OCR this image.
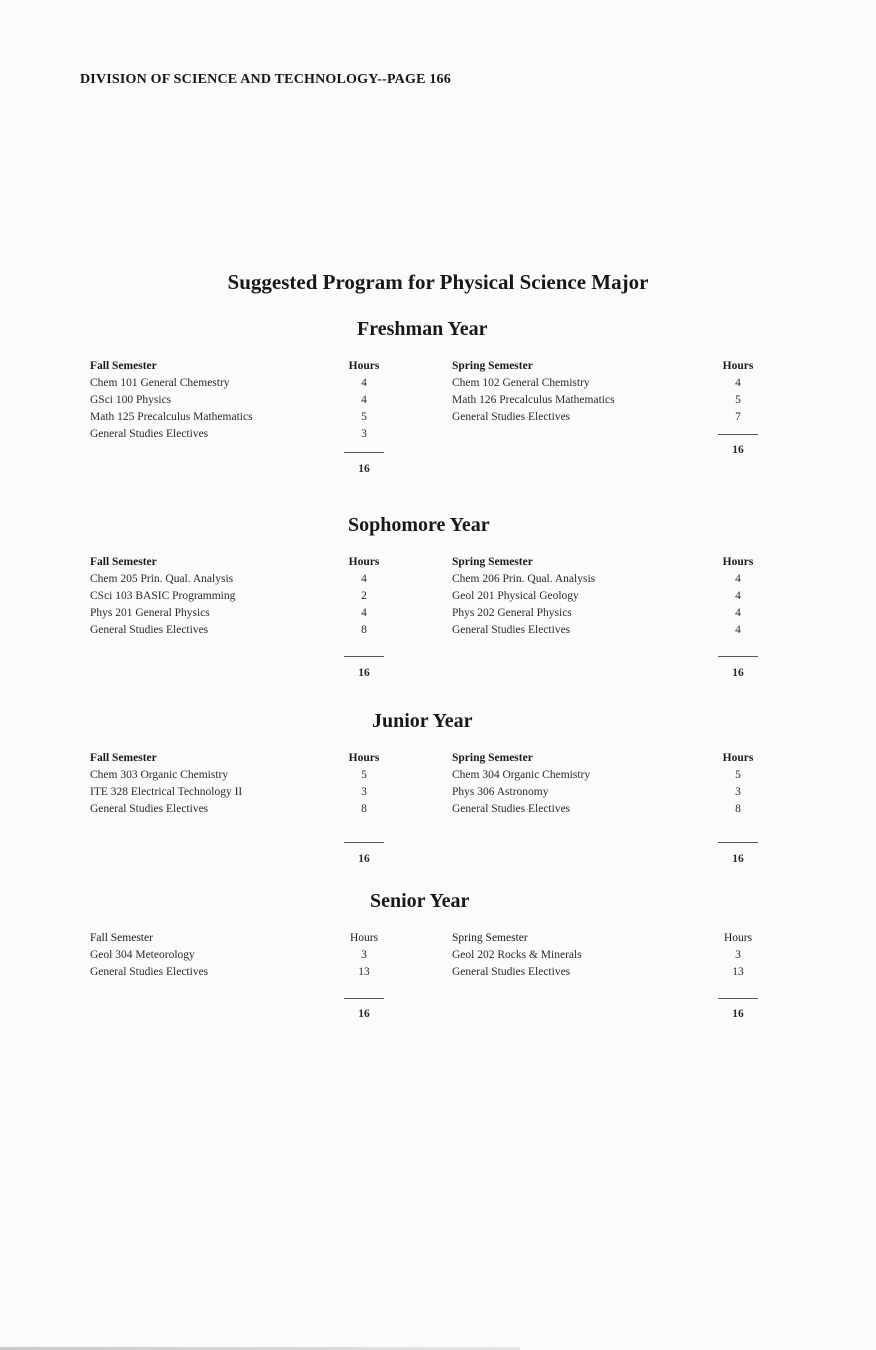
DIVISION OF SCIENCE AND TECHNOLOGY--PAGE 166
Suggested Program for Physical Science Major
Freshman Year
Fall Semester	Hours
Chem 101 General Chemestry	4
GSci 100 Physics	4
Math 125 Precalculus Mathematics	5
General Studies Electives	3
16
Spring Semester	Hours
Chem 102 General Chemistry	4
Math 126 Precalculus Mathematics	5
General Studies Electives	7
16
Sophomore Year
Fall Semester	Hours
Chem 205 Prin. Qual. Analysis	4
CSci 103 BASIC Programming	2
Phys 201 General Physics	4
General Studies Electives	8
16
Spring Semester	Hours
Chem 206 Prin. Qual. Analysis	4
Geol 201 Physical Geology	4
Phys 202 General Physics	4
General Studies Electives	4
16
Junior Year
Fall Semester	Hours
Chem 303 Organic Chemistry	5
ITE 328 Electrical Technology II	3
General Studies Electives	8
16
Spring Semester	Hours
Chem 304 Organic Chemistry	5
Phys 306 Astronomy	3
General Studies Electives	8
16
Senior Year
Fall Semester	Hours
Geol 304 Meteorology	3
General Studies Electives	13
16
Spring Semester	Hours
Geol 202 Rocks & Minerals	3
General Studies Electives	13
16
